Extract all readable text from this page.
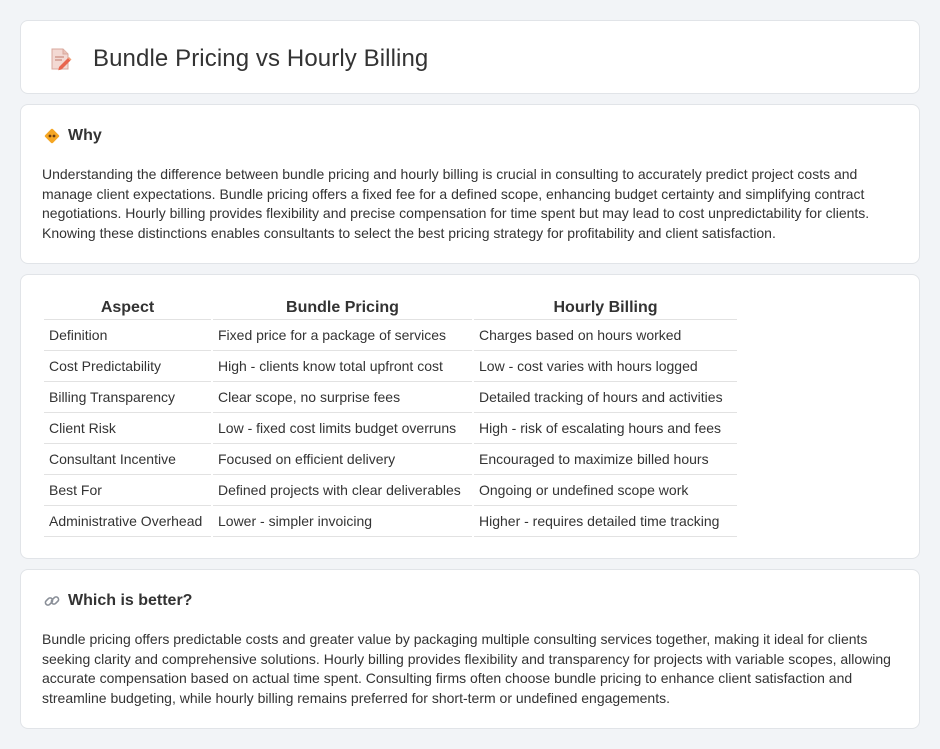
Bundle Pricing vs Hourly Billing
Why

Understanding the difference between bundle pricing and hourly billing is crucial in consulting to accurately predict project costs and manage client expectations. Bundle pricing offers a fixed fee for a defined scope, enhancing budget certainty and simplifying contract negotiations. Hourly billing provides flexibility and precise compensation for time spent but may lead to cost unpredictability for clients. Knowing these distinctions enables consultants to select the best pricing strategy for profitability and client satisfaction.

Aspect	Bundle Pricing	Hourly Billing
Definition	Fixed price for a package of services	Charges based on hours worked
Cost Predictability	High - clients know total upfront cost	Low - cost varies with hours logged
Billing Transparency	Clear scope, no surprise fees	Detailed tracking of hours and activities
Client Risk	Low - fixed cost limits budget overruns	High - risk of escalating hours and fees
Consultant Incentive	Focused on efficient delivery	Encouraged to maximize billed hours
Best For	Defined projects with clear deliverables	Ongoing or undefined scope work
Administrative Overhead	Lower - simpler invoicing	Higher - requires detailed time tracking
Which is better?

Bundle pricing offers predictable costs and greater value by packaging multiple consulting services together, making it ideal for clients seeking clarity and comprehensive solutions. Hourly billing provides flexibility and transparency for projects with variable scopes, allowing accurate compensation based on actual time spent. Consulting firms often choose bundle pricing to enhance client satisfaction and streamline budgeting, while hourly billing remains preferred for short-term or undefined engagements.
